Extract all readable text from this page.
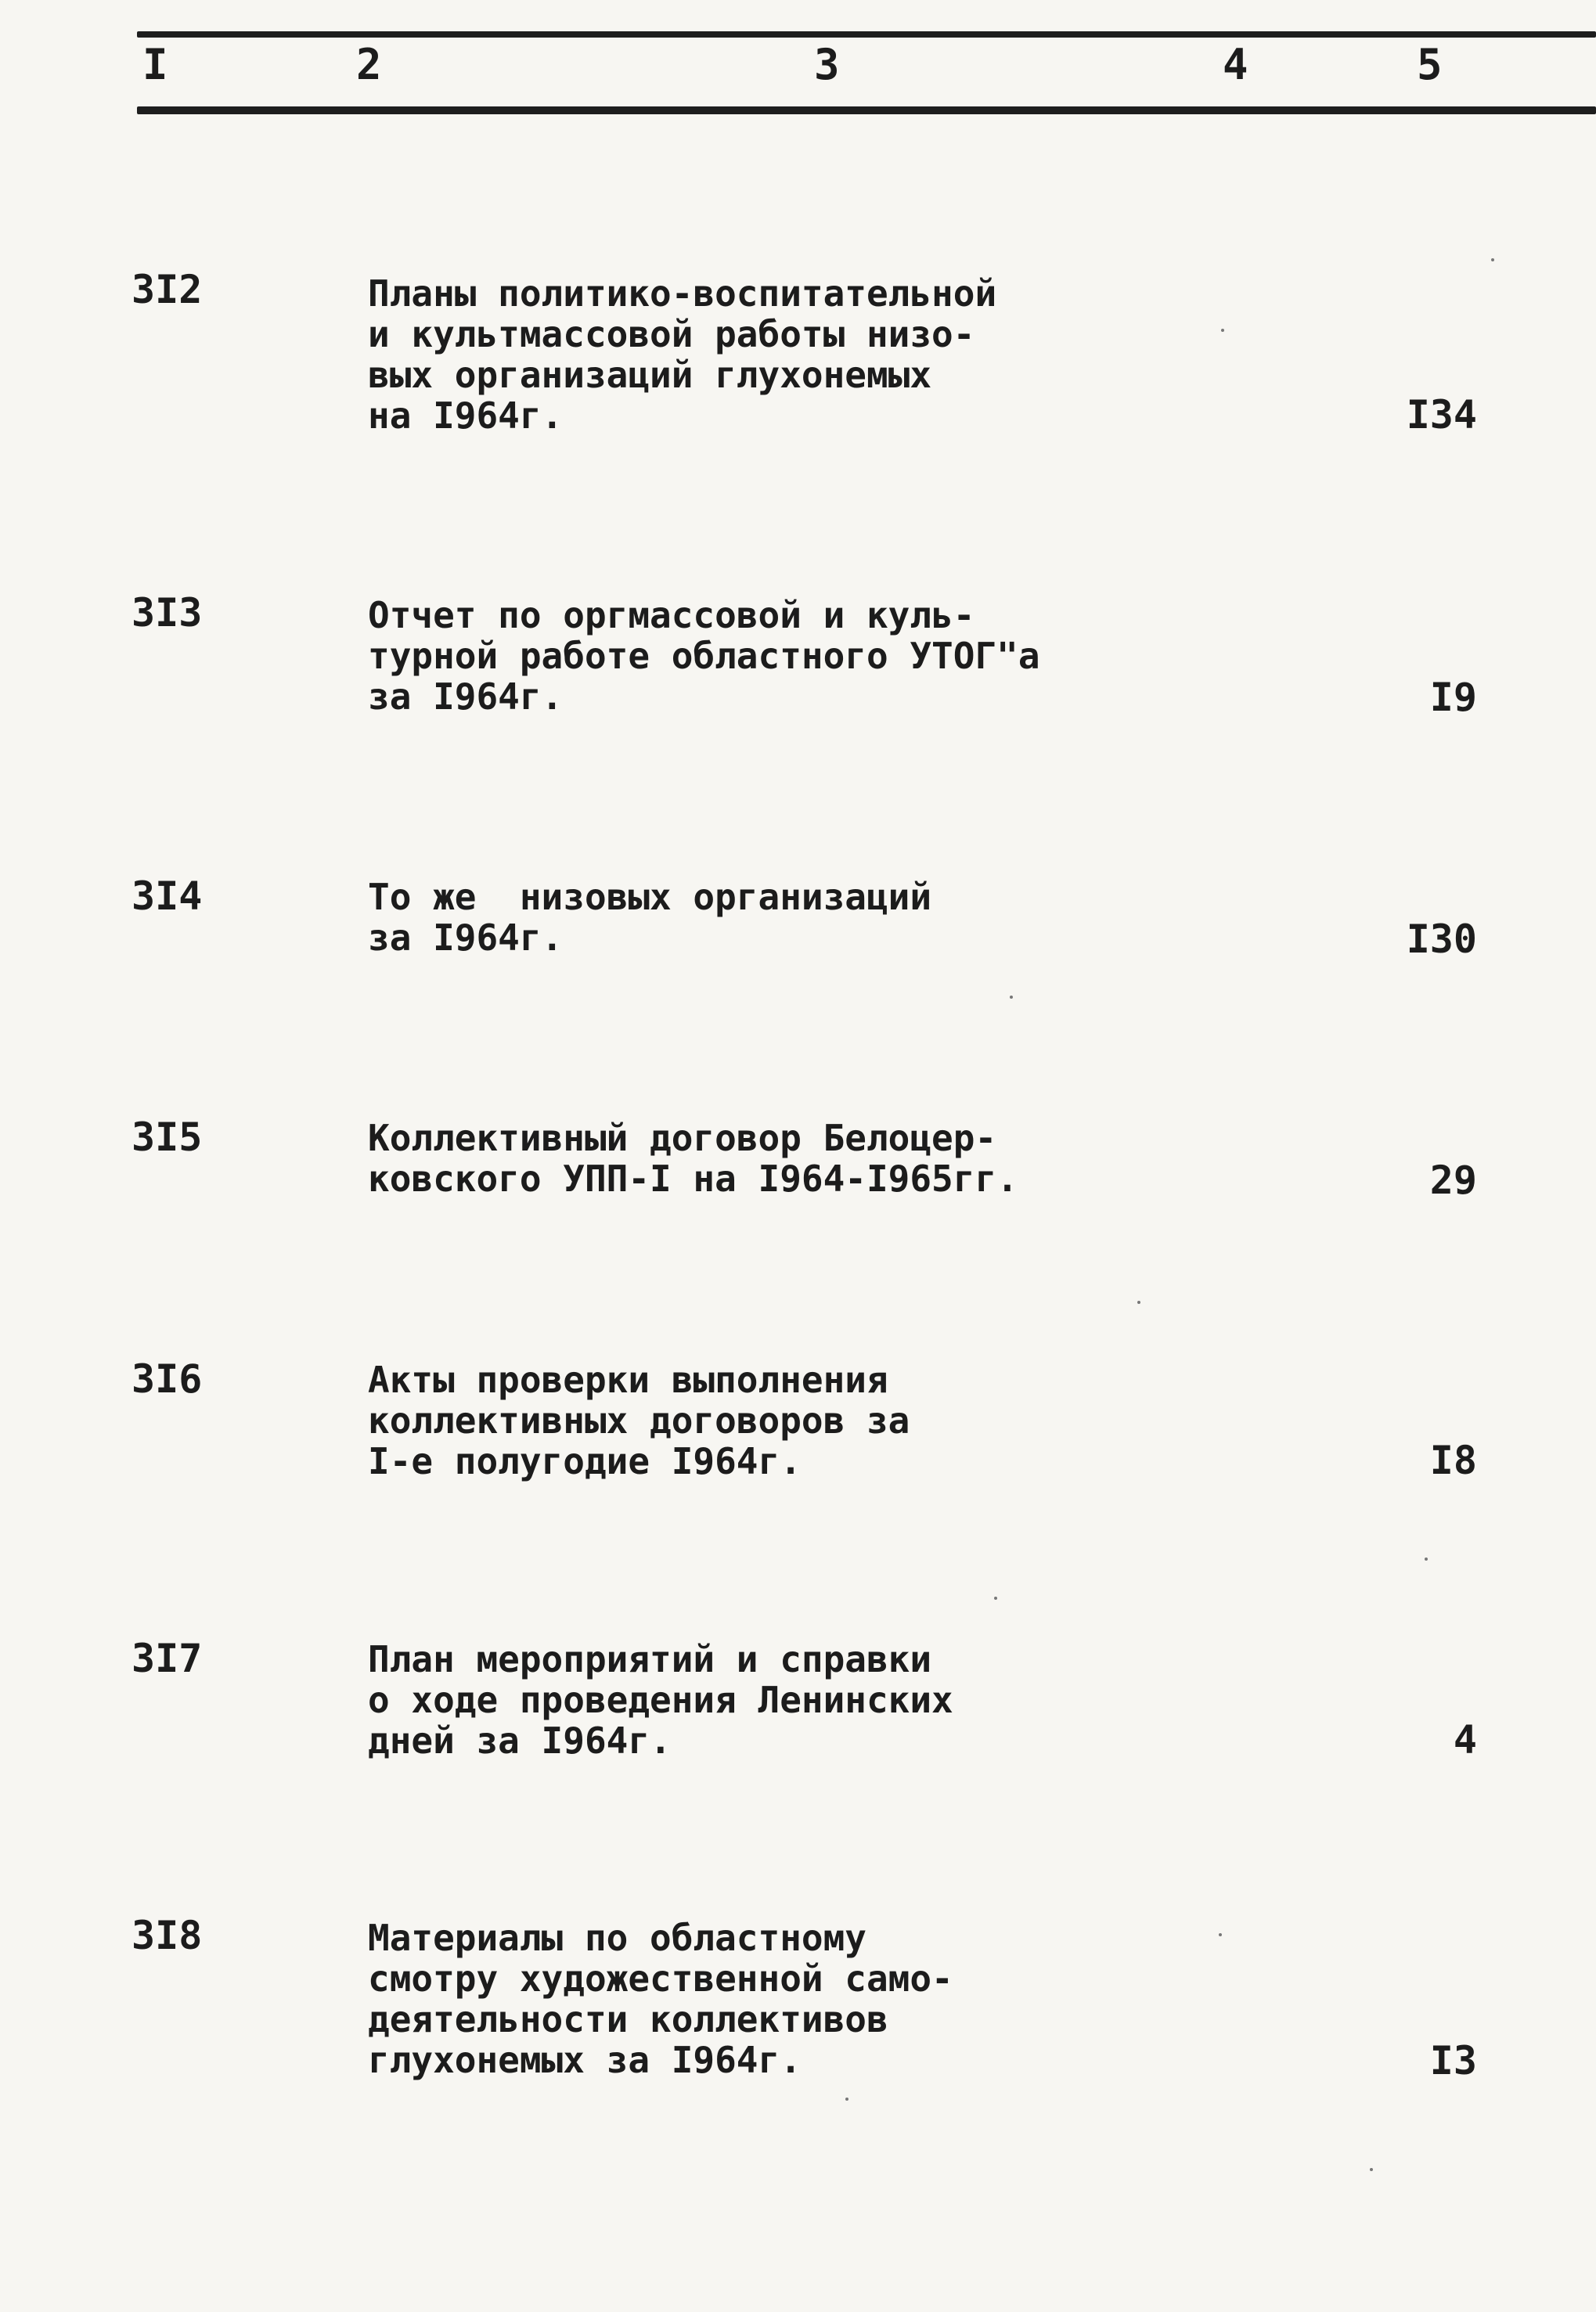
I	2	3	4	5
3I2	Планы политико-воспитательной
и культмассовой работы низо-
вых организаций глухонемых
на I964г.	I34
3I3	Отчет по оргмассовой и куль-
турной работе областного УТОГ"а
за I964г.	I9
3I4	То же  низовых организаций
за I964г.	I30
3I5	Коллективный договор Белоцер-
ковского УПП-I на I964-I965гг.	29
3I6	Акты проверки выполнения
коллективных договоров за
I-е полугодие I964г.	I8
3I7	План мероприятий и справки
о ходе проведения Ленинских
дней за I964г.	4
3I8	Материалы по областному
смотру художественной само-
деятельности коллективов
глухонемых за I964г.	I3
